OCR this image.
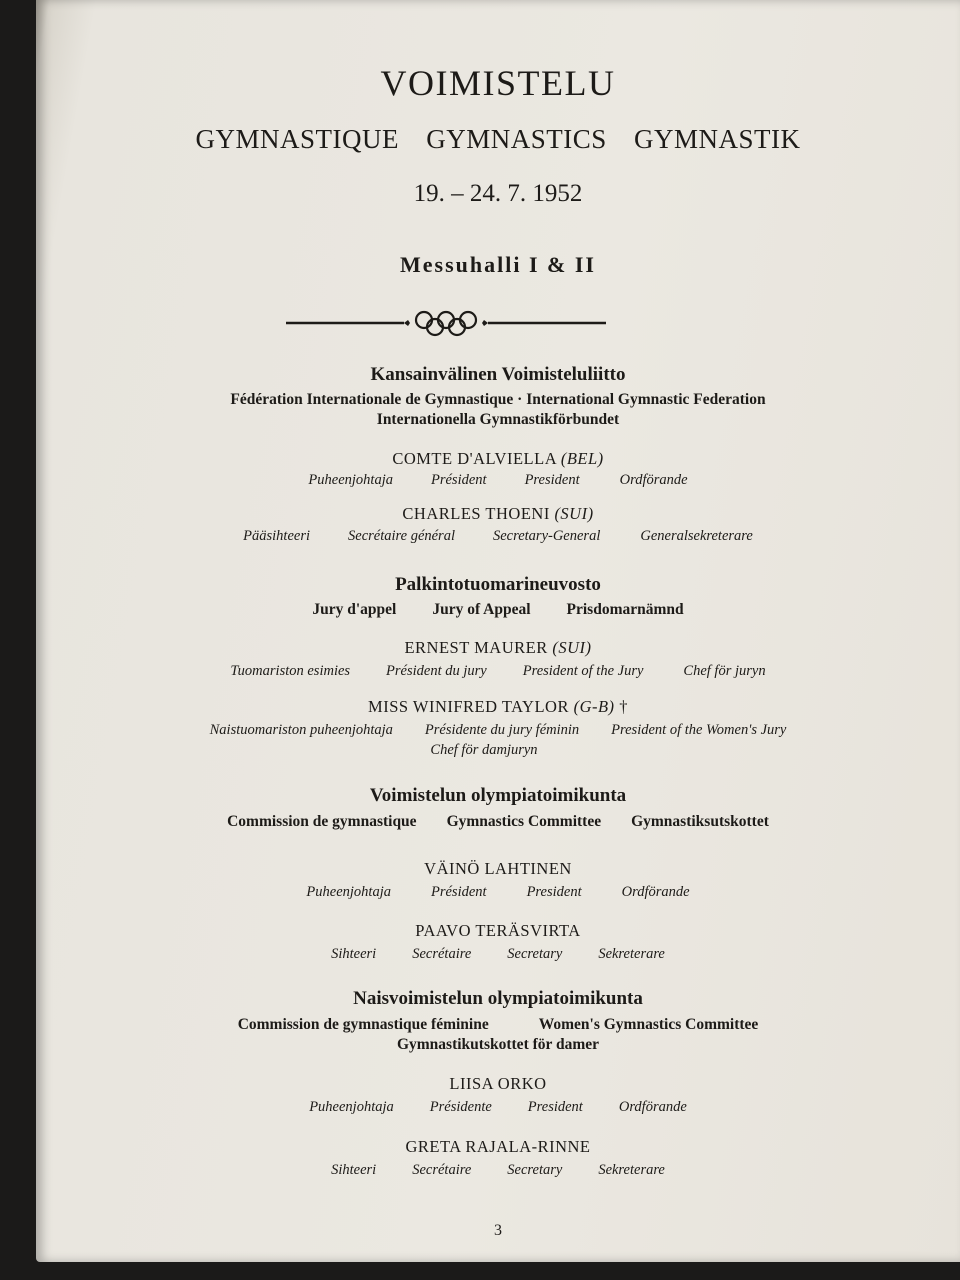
VOIMISTELU
GYMNASTIQUE GYMNASTICS GYMNASTIK
19. – 24. 7. 1952
Messuhalli I & II
Kansainvälinen Voimisteluliitto
Fédération Internationale de Gymnastique · International Gymnastic Federation
Internationella Gymnastikförbundet
COMTE D'ALVIELLA (BEL)
Puheenjohtaja	Président	President	Ordförande
CHARLES THOENI (SUI)
Pääsihteeri	Secrétaire général	Secretary-General	Generalsekreterare
Palkintotuomarineuvosto
Jury d'appel Jury of Appeal Prisdomarnämnd
ERNEST MAURER (SUI)
Tuomariston esimies Président du jury President of the Jury	Chef för juryn
MISS WINIFRED TAYLOR (G-B) †
Naistuomariston puheenjohtaja Présidente du jury féminin President of the Women's Jury
Chef för damjuryn
Voimistelun olympiatoimikunta
Commission de gymnastique Gymnastics Committee Gymnastiksutskottet
VÄINÖ LAHTINEN
Puheenjohtaja	Président	President	Ordförande
PAAVO TERÄSVIRTA
Sihteeri Secrétaire Secretary Sekreterare
Naisvoimistelun olympiatoimikunta
Commission de gymnastique féminine	Women's Gymnastics Committee
Gymnastikutskottet för damer
LIISA ORKO
Puheenjohtaja Présidente President Ordförande
GRETA RAJALA-RINNE
Sihteeri Secrétaire Secretary Sekreterare
3
